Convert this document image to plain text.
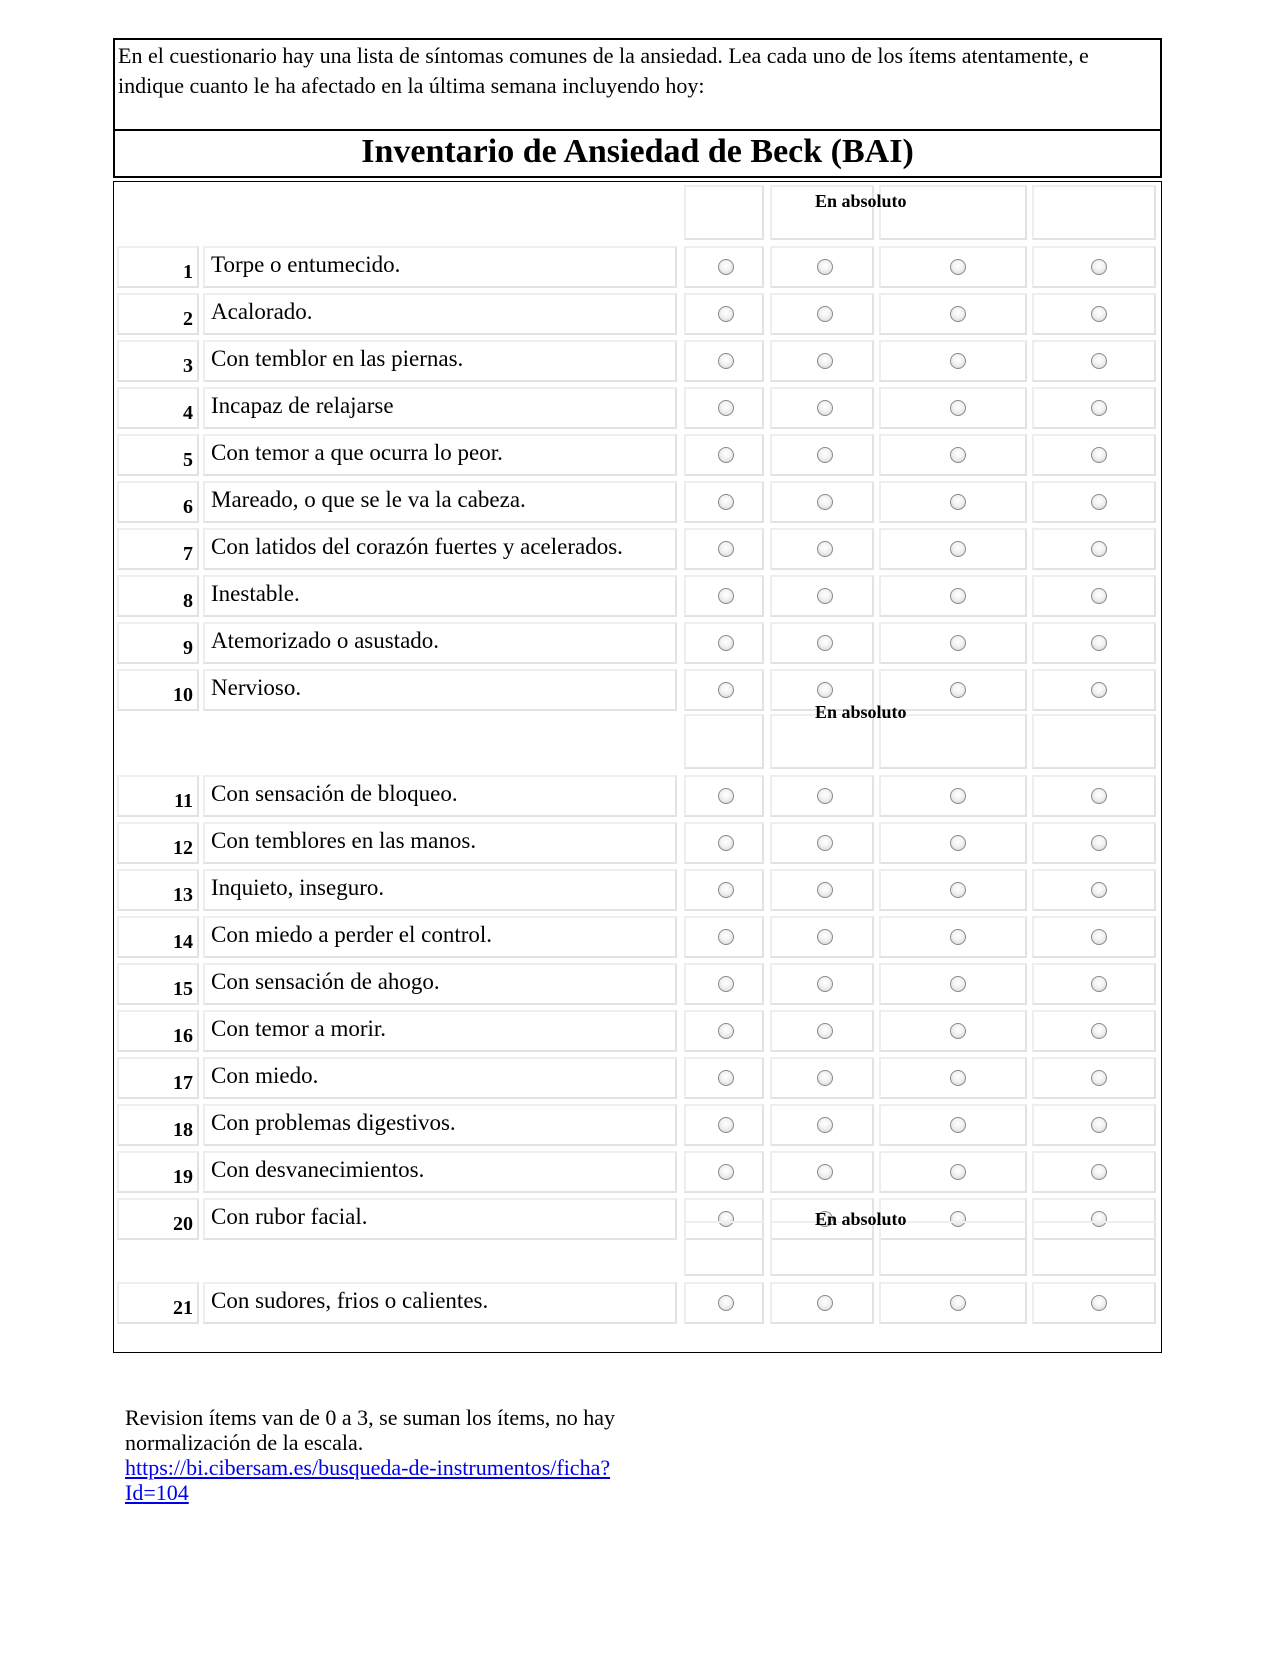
En el cuestionario hay una lista de síntomas comunes de la ansiedad. Lea cada uno de los ítems atentamente, e indique cuanto le ha afectado en la última semana incluyendo hoy:
Inventario de Ansiedad de Beck (BAI)
1 Torpe o entumecido.
2 Acalorado.
3 Con temblor en las piernas.
4 Incapaz de relajarse
5 Con temor a que ocurra lo peor.
6 Mareado, o que se le va la cabeza.
7 Con latidos del corazón fuertes y acelerados.
8 Inestable.
9 Atemorizado o asustado.
10 Nervioso.
11 Con sensación de bloqueo.
12 Con temblores en las manos.
13 Inquieto, inseguro.
14 Con miedo a perder el control.
15 Con sensación de ahogo.
16 Con temor a morir.
17 Con miedo.
18 Con problemas digestivos.
19 Con desvanecimientos.
20 Con rubor facial.
21 Con sudores, frios o calientes.
En absoluto
En absoluto
En absoluto
Revision ítems van de 0 a 3, se suman los ítems, no hay normalización de la escala.
https://bi.cibersam.es/busqueda-de-instrumentos/ficha?Id=104
